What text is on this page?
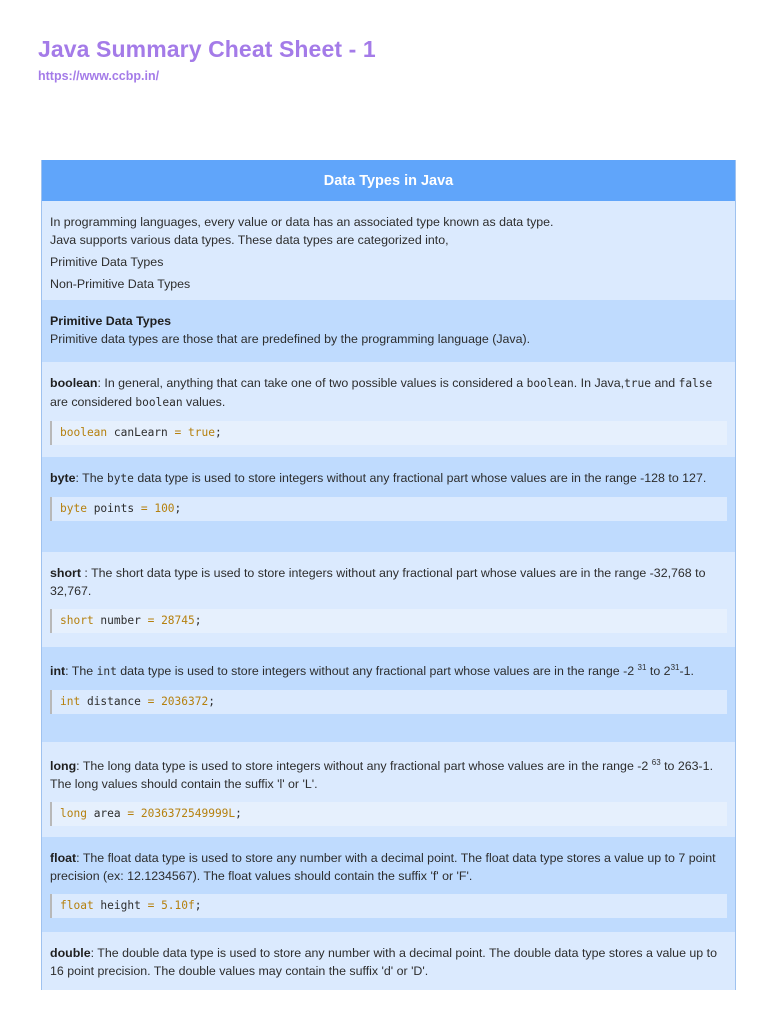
Java Summary Cheat Sheet - 1
https://www.ccbp.in/
Data Types in Java

In programming languages, every value or data has an associated type known as data type.

Java supports various data types. These data types are categorized into,

Primitive Data Types

Non-Primitive Data Types

Primitive Data Types

Primitive data types are those that are predefined by the programming language (Java).

boolean: In general, anything that can take one of two possible values is considered a boolean. In Java,true and false are considered boolean values.

boolean canLearn = true;

byte: The byte data type is used to store integers without any fractional part whose values are in the range -128 to 127.

byte points = 100;

short : The short data type is used to store integers without any fractional part whose values are in the range -32,768 to 32,767.

short number = 28745;

int: The int data type is used to store integers without any fractional part whose values are in the range -2 $^{31}$ to $2^{31}-1$.

int distance = 2036372;

long: The long data type is used to store integers without any fractional part whose values are in the range -2 $^{63}$ to 263-1. The long values should contain the suffix 'l' or 'L'.

long area = 2036372549999L;

float: The float data type is used to store any number with a decimal point. The float data type stores a value up to 7 point precision (ex: 12.1234567). The float values should contain the suffix 'f' or 'F'.

float height = 5.10f;

double: The double data type is used to store any number with a decimal point. The double data type stores a value up to 16 point precision. The double values may contain the suffix 'd' or 'D'.
